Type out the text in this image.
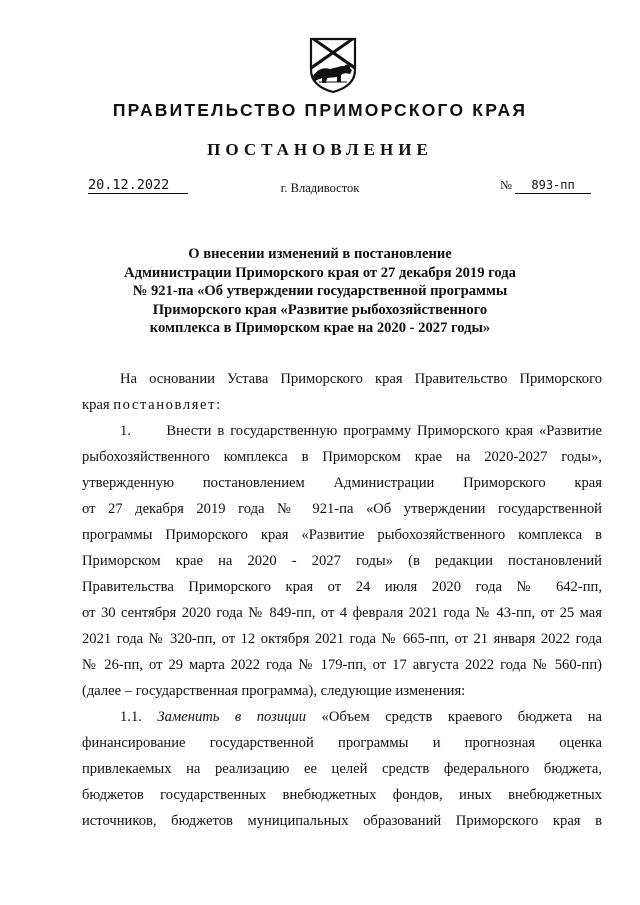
ПРАВИТЕЛЬСТВО ПРИМОРСКОГО КРАЯ
ПОСТАНОВЛЕНИЕ
20.12.2022	г. Владивосток	№ 893-пп
О внесении изменений в постановление
Администрации Приморского края от 27 декабря 2019 года
№ 921-па «Об утверждении государственной программы
Приморского края «Развитие рыбохозяйственного
комплекса в Приморском крае на 2020 - 2027 годы»
На основании Устава Приморского края Правительство Приморского
края постановляет:
1.      Внести в государственную программу Приморского края «Развитие
рыбохозяйственного комплекса в Приморском крае на 2020-2027 годы»,
утвержденную постановлением Администрации Приморского края
от 27 декабря 2019 года № 921-па «Об утверждении государственной
программы Приморского края «Развитие рыбохозяйственного комплекса в
Приморском крае на 2020 - 2027 годы» (в редакции постановлений
Правительства Приморского края от 24 июля 2020 года № 642-пп,
от 30 сентября 2020 года № 849-пп, от 4 февраля 2021 года № 43-пп, от 25 мая
2021 года № 320-пп, от 12 октября 2021 года № 665-пп, от 21 января 2022 года
№ 26-пп, от 29 марта 2022 года № 179-пп, от 17 августа 2022 года № 560-пп)
(далее – государственная программа), следующие изменения:
1.1. Заменить в позиции «Объем средств краевого бюджета на
финансирование государственной программы и прогнозная оценка
привлекаемых на реализацию ее целей средств федерального бюджета,
бюджетов государственных внебюджетных фондов, иных внебюджетных
источников, бюджетов муниципальных образований Приморского края в
